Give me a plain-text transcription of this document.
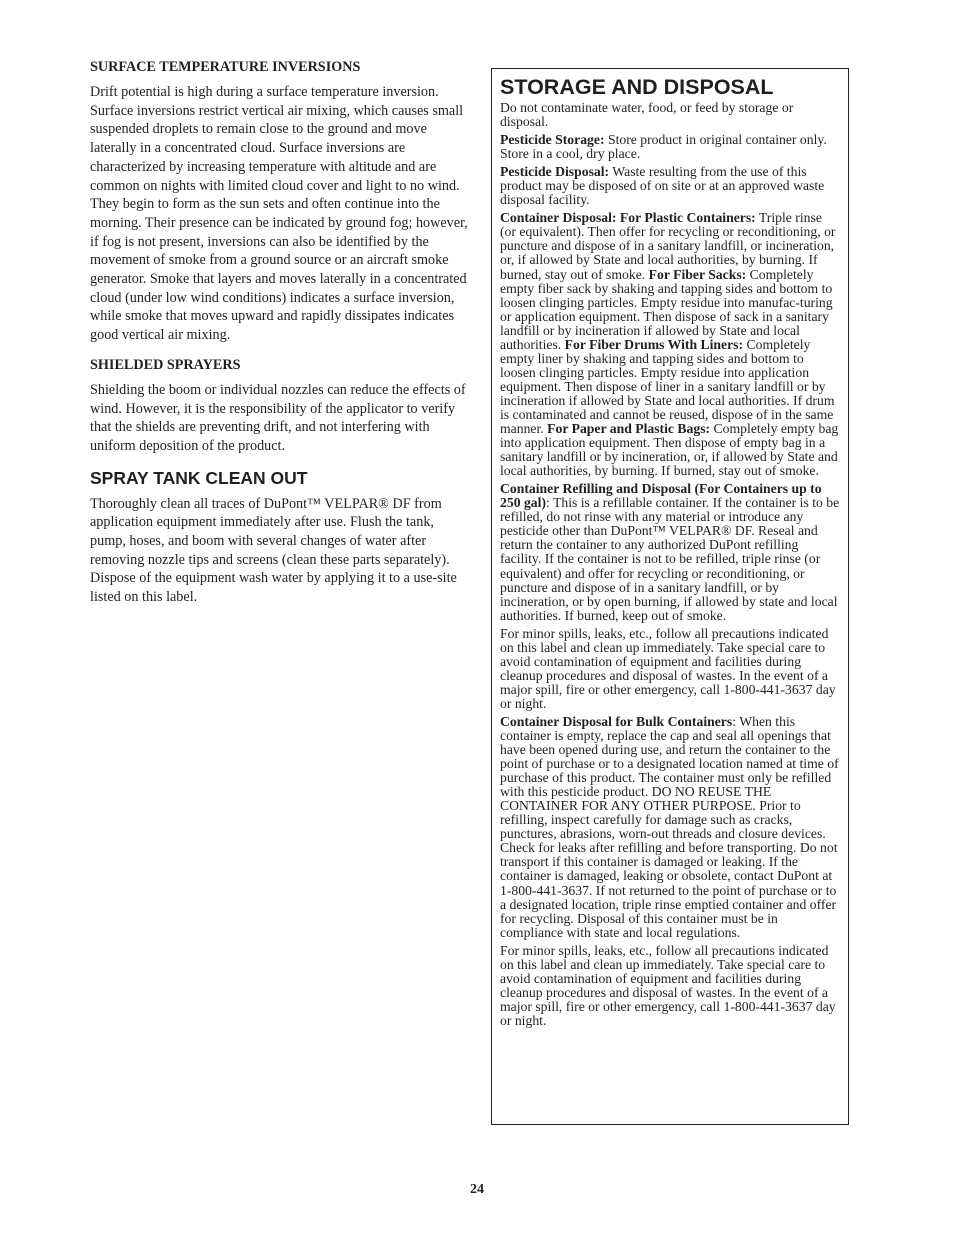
SURFACE TEMPERATURE INVERSIONS

Drift potential is high during a surface temperature inversion. Surface inversions restrict vertical air mixing, which causes small suspended droplets to remain close to the ground and move laterally in a concentrated cloud. Surface inversions are characterized by increasing temperature with altitude and are common on nights with limited cloud cover and light to no wind. They begin to form as the sun sets and often continue into the morning. Their presence can be indicated by ground fog; however, if fog is not present, inversions can also be identified by the movement of smoke from a ground source or an aircraft smoke generator. Smoke that layers and moves laterally in a concentrated cloud (under low wind conditions) indicates a surface inversion, while smoke that moves upward and rapidly dissipates indicates good vertical air mixing.

SHIELDED SPRAYERS

Shielding the boom or individual nozzles can reduce the effects of wind. However, it is the responsibility of the applicator to verify that the shields are preventing drift, and not interfering with uniform deposition of the product.

SPRAY TANK CLEAN OUT

Thoroughly clean all traces of DuPont™ VELPAR® DF from application equipment immediately after use. Flush the tank, pump, hoses, and boom with several changes of water after removing nozzle tips and screens (clean these parts separately). Dispose of the equipment wash water by applying it to a use-site listed on this label.

STORAGE AND DISPOSAL

Do not contaminate water, food, or feed by storage or disposal.

Pesticide Storage: Store product in original container only. Store in a cool, dry place.

Pesticide Disposal: Waste resulting from the use of this product may be disposed of on site or at an approved waste disposal facility.

Container Disposal: For Plastic Containers: Triple rinse (or equivalent). Then offer for recycling or reconditioning, or puncture and dispose of in a sanitary landfill, or incineration, or, if allowed by State and local authorities, by burning. If burned, stay out of smoke. For Fiber Sacks: Completely empty fiber sack by shaking and tapping sides and bottom to loosen clinging particles. Empty residue into manufac-turing or application equipment. Then dispose of sack in a sanitary landfill or by incineration if allowed by State and local authorities. For Fiber Drums With Liners: Completely empty liner by shaking and tapping sides and bottom to loosen clinging particles. Empty residue into application equipment. Then dispose of liner in a sanitary landfill or by incineration if allowed by State and local authorities. If drum is contaminated and cannot be reused, dispose of in the same manner. For Paper and Plastic Bags: Completely empty bag into application equipment. Then dispose of empty bag in a sanitary landfill or by incineration, or, if allowed by State and local authorities, by burning. If burned, stay out of smoke.

Container Refilling and Disposal (For Containers up to 250 gal): This is a refillable container. If the container is to be refilled, do not rinse with any material or introduce any pesticide other than DuPont™ VELPAR® DF. Reseal and return the container to any authorized DuPont refilling facility. If the container is not to be refilled, triple rinse (or equivalent) and offer for recycling or reconditioning, or puncture and dispose of in a sanitary landfill, or by incineration, or by open burning, if allowed by state and local authorities. If burned, keep out of smoke.

For minor spills, leaks, etc., follow all precautions indicated on this label and clean up immediately. Take special care to avoid contamination of equipment and facilities during cleanup procedures and disposal of wastes. In the event of a major spill, fire or other emergency, call 1-800-441-3637 day or night.

Container Disposal for Bulk Containers: When this container is empty, replace the cap and seal all openings that have been opened during use, and return the container to the point of purchase or to a designated location named at time of purchase of this product. The container must only be refilled with this pesticide product. DO NO REUSE THE CONTAINER FOR ANY OTHER PURPOSE. Prior to refilling, inspect carefully for damage such as cracks, punctures, abrasions, worn-out threads and closure devices. Check for leaks after refilling and before transporting. Do not transport if this container is damaged or leaking. If the container is damaged, leaking or obsolete, contact DuPont at 1-800-441-3637. If not returned to the point of purchase or to a designated location, triple rinse emptied container and offer for recycling. Disposal of this container must be in compliance with state and local regulations.

For minor spills, leaks, etc., follow all precautions indicated on this label and clean up immediately. Take special care to avoid contamination of equipment and facilities during cleanup procedures and disposal of wastes. In the event of a major spill, fire or other emergency, call 1-800-441-3637 day or night.

24
